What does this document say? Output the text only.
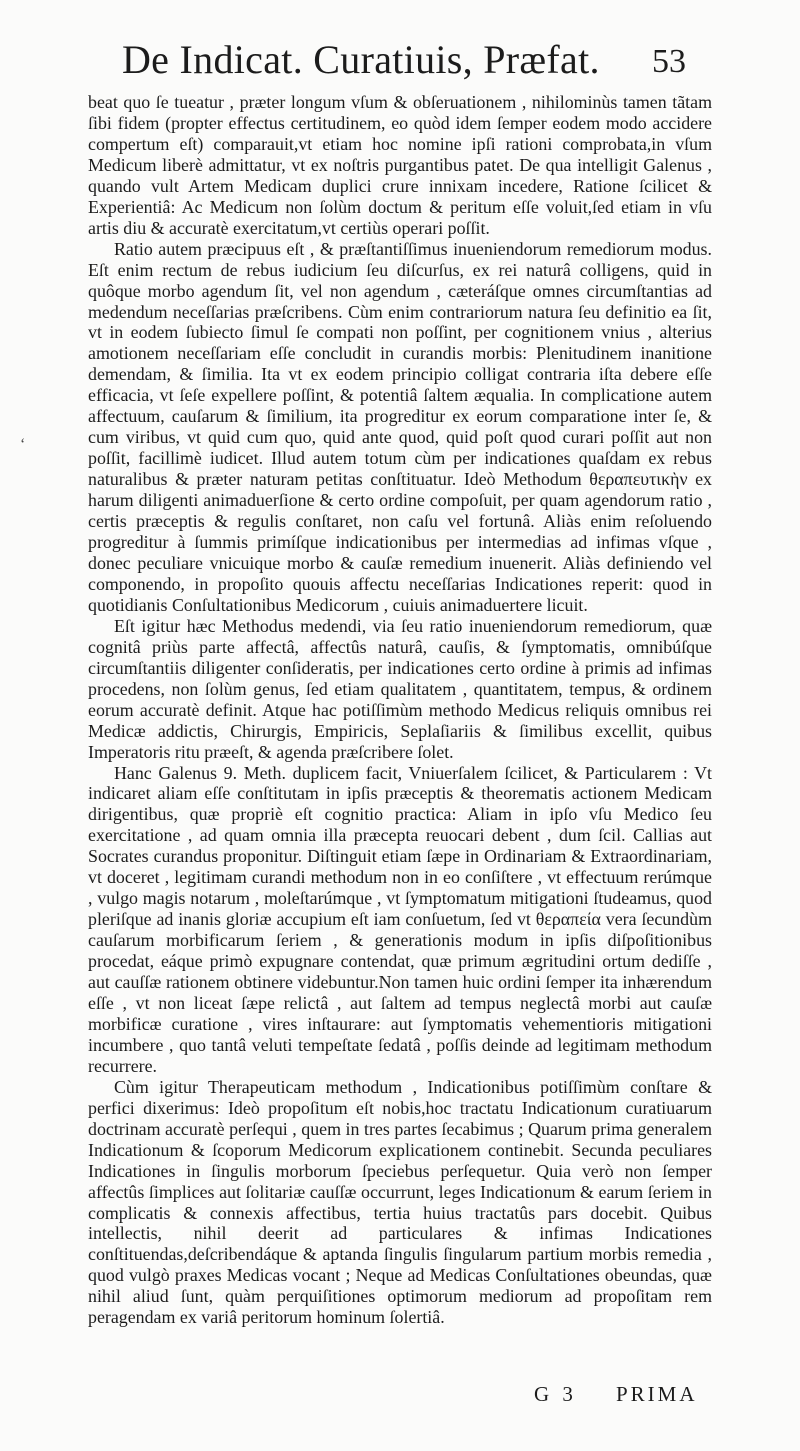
De Indicat. Curatiuis, Præfat. 53
‘

beat quo ſe tueatur , præter longum vſum & obſeruationem , nihilominùs tamen tãtam ſibi fidem (propter effectus certitudinem, eo quòd idem ſemper eodem modo accidere compertum eſt) comparauit,vt etiam hoc nomine ipſi rationi comprobata,in vſum Medicum liberè admittatur, vt ex noſtris purgantibus patet. De qua intelligit Galenus , quando vult Artem Medicam duplici crure innixam incedere, Ratione ſcilicet & Experientiâ: Ac Medicum non ſolùm doctum & peritum eſſe voluit,ſed etiam in vſu artis diu & accuratè exercitatum,vt certiùs operari poſſit.

Ratio autem præcipuus eſt , & præſtantiſſimus inueniendorum remediorum modus. Eſt enim rectum de rebus iudicium ſeu diſcurſus, ex rei naturâ colligens, quid in quôque morbo agendum ſit, vel non agendum , cæteráſque omnes circumſtantias ad medendum neceſſarias præſcribens. Cùm enim contrariorum natura ſeu definitio ea ſit, vt in eodem ſubiecto ſimul ſe compati non poſſint, per cognitionem vnius , alterius amotionem neceſſariam eſſe concludit in curandis morbis: Plenitudinem inanitione demendam, & ſimilia. Ita vt ex eodem principio colligat contraria iſta debere eſſe efficacia, vt ſeſe expellere poſſint, & potentiâ ſaltem æqualia. In complicatione autem affectuum, cauſarum & ſimilium, ita progreditur ex eorum comparatione inter ſe, & cum viribus, vt quid cum quo, quid ante quod, quid poſt quod curari poſſit aut non poſſit, facillimè iudicet. Illud autem totum cùm per indicationes quaſdam ex rebus naturalibus & præter naturam petitas conſtituatur. Ideò Methodum θεραπευτικὴν ex harum diligenti animaduerſione & certo ordine compoſuit, per quam agendorum ratio , certis præceptis & regulis conſtaret, non caſu vel fortunâ. Aliàs enim reſoluendo progreditur à ſummis primíſque indicationibus per intermedias ad infimas vſque , donec peculiare vnicuique morbo & cauſæ remedium inuenerit. Aliàs definiendo vel componendo, in propoſito quouis affectu neceſſarias Indicationes reperit: quod in quotidianis Conſultationibus Medicorum , cuiuis animaduertere licuit.

Eſt igitur hæc Methodus medendi, via ſeu ratio inueniendorum remediorum, quæ cognitâ priùs parte affectâ, affectûs naturâ, cauſis, & ſymptomatis, omnibúſque circumſtantiis diligenter conſideratis, per indicationes certo ordine à primis ad infimas procedens, non ſolùm genus, ſed etiam qualitatem , quantitatem, tempus, & ordinem eorum accuratè definit. Atque hac potiſſimùm methodo Medicus reliquis omnibus rei Medicæ addictis, Chirurgis, Empiricis, Seplaſiariis & ſimilibus excellit, quibus Imperatoris ritu præeſt, & agenda præſcribere ſolet.

Hanc Galenus 9. Meth. duplicem facit, Vniuerſalem ſcilicet, & Particularem : Vt indicaret aliam eſſe conſtitutam in ipſis præceptis & theorematis actionem Medicam dirigentibus, quæ propriè eſt cognitio practica: Aliam in ipſo vſu Medico ſeu exercitatione , ad quam omnia illa præcepta reuocari debent , dum ſcil. Callias aut Socrates curandus proponitur. Diſtinguit etiam ſæpe in Ordinariam & Extraordinariam, vt doceret , legitimam curandi methodum non in eo conſiſtere , vt effectuum rerúmque , vulgo magis notarum , moleſtarúmque , vt ſymptomatum mitigationi ſtudeamus, quod pleriſque ad inanis gloriæ accupium eſt iam conſuetum, ſed vt θεραπεία vera ſecundùm cauſarum morbificarum ſeriem , & generationis modum in ipſis diſpoſitionibus procedat, eáque primò expugnare contendat, quæ primum ægritudini ortum dediſſe , aut cauſſæ rationem obtinere videbuntur.Non tamen huic ordini ſemper ita inhærendum eſſe , vt non liceat ſæpe relictâ , aut ſaltem ad tempus neglectâ morbi aut cauſæ morbificæ curatione , vires inſtaurare: aut ſymptomatis vehementioris mitigationi incumbere , quo tantâ veluti tempeſtate ſedatâ , poſſis deinde ad legitimam methodum recurrere.

Cùm igitur Therapeuticam methodum , Indicationibus potiſſimùm conſtare & perfici dixerimus: Ideò propoſitum eſt nobis,hoc tractatu Indicationum curatiuarum doctrinam accuratè perſequi , quem in tres partes ſecabimus ; Quarum prima generalem Indicationum & ſcoporum Medicorum explicationem continebit. Secunda peculiares Indicationes in ſingulis morborum ſpeciebus perſequetur. Quia verò non ſemper affectûs ſimplices aut ſolitariæ cauſſæ occurrunt, leges Indicationum & earum ſeriem in complicatis & connexis affectibus, tertia huius tractatûs pars docebit. Quibus intellectis, nihil deerit ad particulares & infimas Indicationes conſtituendas,deſcribendáque & aptanda ſingulis ſingularum partium morbis remedia , quod vulgò praxes Medicas vocant ; Neque ad Medicas Conſultationes obeundas, quæ nihil aliud ſunt, quàm perquiſitiones optimorum mediorum ad propoſitam rem peragendam ex variâ peritorum hominum ſolertiâ.

G 3 PRIMA
